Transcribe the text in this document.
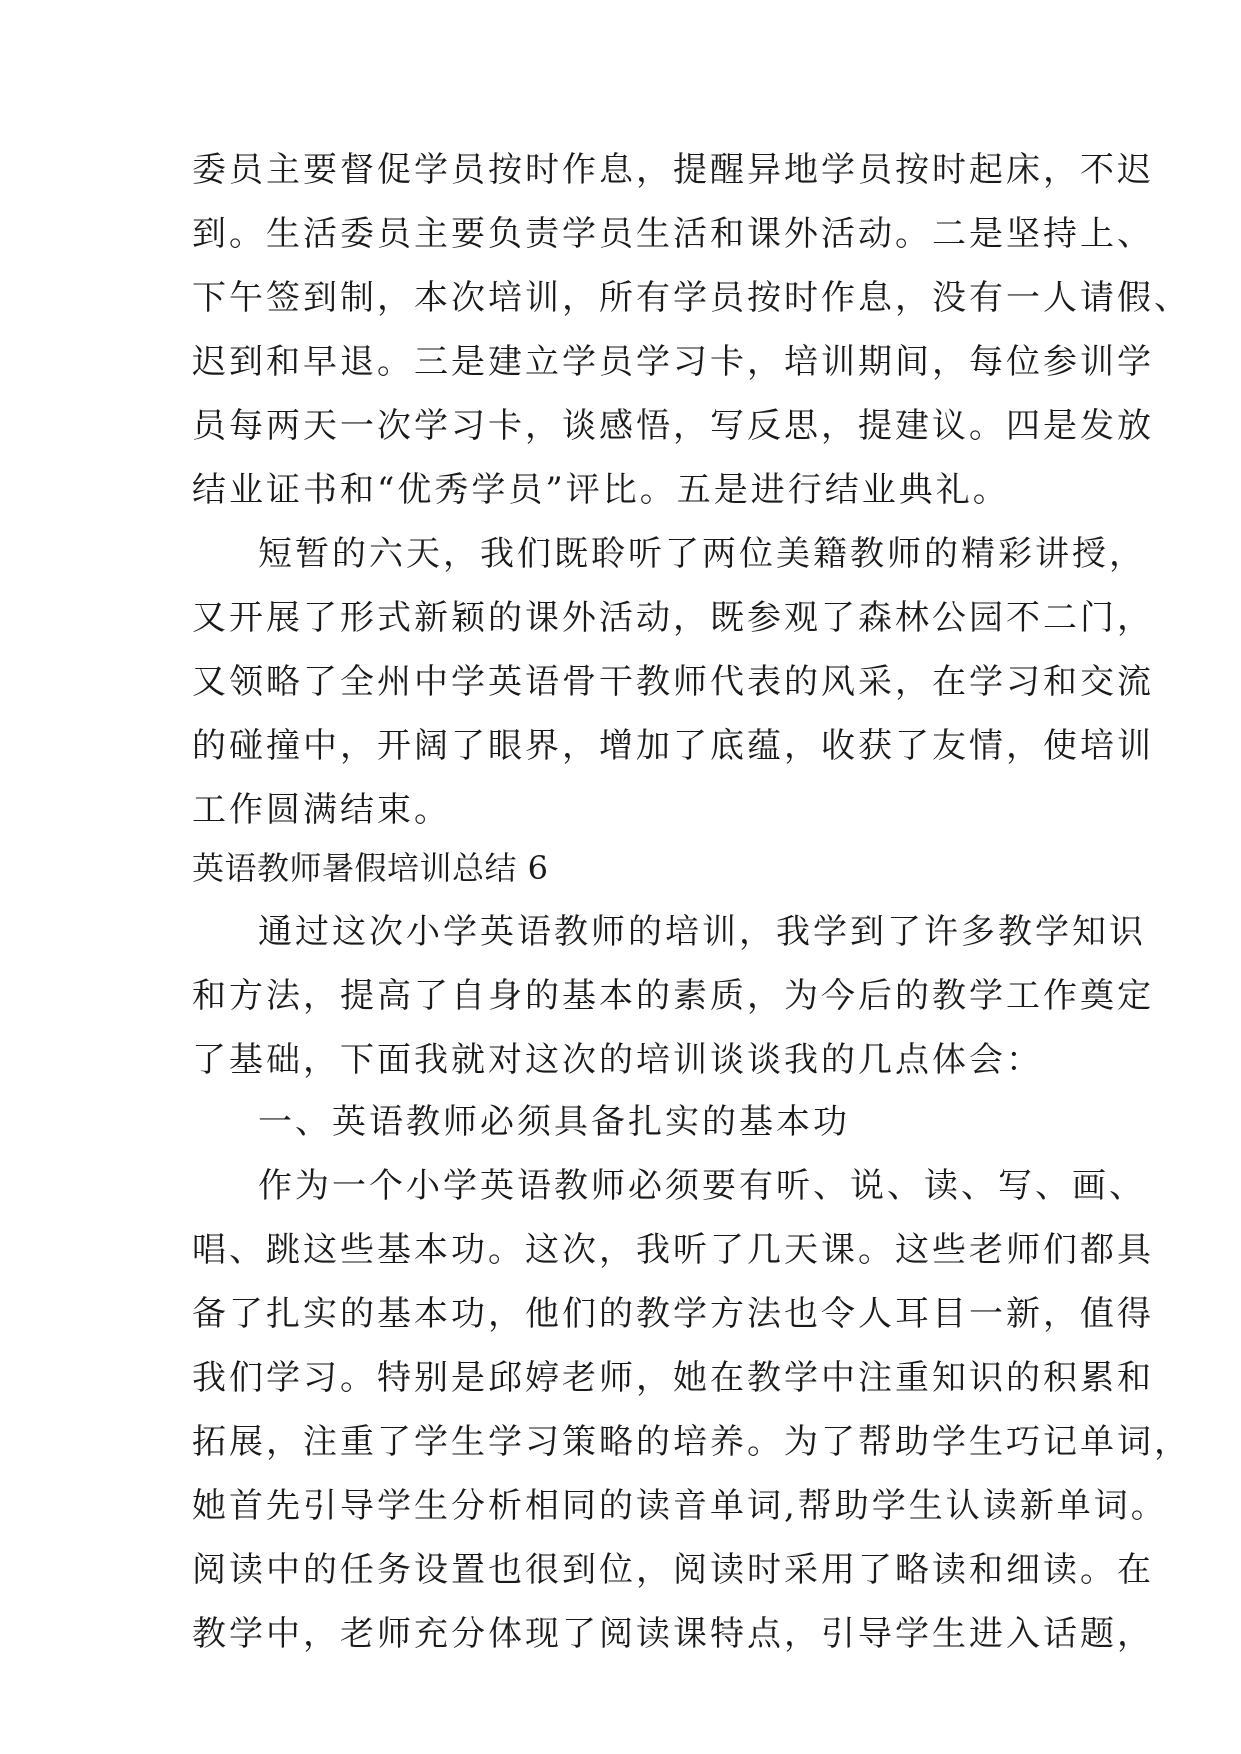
委员主要督促学员按时作息，提醒异地学员按时起床，不迟
到。生活委员主要负责学员生活和课外活动。二是坚持上、
下午签到制，本次培训，所有学员按时作息，没有一人请假、
迟到和早退。三是建立学员学习卡，培训期间，每位参训学
员每两天一次学习卡，谈感悟，写反思，提建议。四是发放
结业证书和“优秀学员”评比。五是进行结业典礼。
短暂的六天，我们既聆听了两位美籍教师的精彩讲授，
又开展了形式新颖的课外活动，既参观了森林公园不二门，
又领略了全州中学英语骨干教师代表的风采，在学习和交流
的碰撞中，开阔了眼界，增加了底蕴，收获了友情，使培训
工作圆满结束。
英语教师暑假培训总结 6
通过这次小学英语教师的培训，我学到了许多教学知识
和方法，提高了自身的基本的素质，为今后的教学工作奠定
了基础，下面我就对这次的培训谈谈我的几点体会：
一、英语教师必须具备扎实的基本功
作为一个小学英语教师必须要有听、说、读、写、画、
唱、跳这些基本功。这次，我听了几天课。这些老师们都具
备了扎实的基本功，他们的教学方法也令人耳目一新，值得
我们学习。特别是邱婷老师，她在教学中注重知识的积累和
拓展，注重了学生学习策略的培养。为了帮助学生巧记单词，
她首先引导学生分析相同的读音单词,帮助学生认读新单词。
阅读中的任务设置也很到位，阅读时采用了略读和细读。在
教学中，老师充分体现了阅读课特点，引导学生进入话题，
